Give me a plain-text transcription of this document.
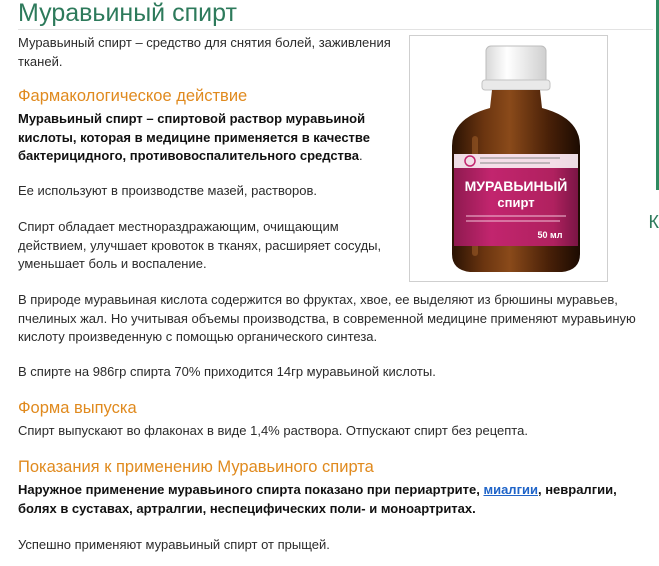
Муравьиный спирт

Муравьиный спирт – средство для снятия болей, заживления тканей.

Фармакологическое действие

Муравьиный спирт – спиртовой раствор муравьиной кислоты, которая в медицине применяется в качестве бактерицидного, противовоспалительного средства.

Ее используют в производстве мазей, растворов.

Спирт обладает местнораздражающим, очищающим действием, улучшает кровоток в тканях, расширяет сосуды, уменьшает боль и воспаление.

В природе муравьиная кислота содержится во фруктах, хвое, ее выделяют из брюшины муравьев, пчелиных жал. Но учитывая объемы производства, в современной медицине применяют муравьиную кислоту произведенную с помощью органического синтеза.

В спирте на 986гр спирта 70% приходится 14гр муравьиной кислоты.

Форма выпуска

Спирт выпускают во флаконах в виде 1,4% раствора. Отпускают спирт без рецепта.

Показания к применению Муравьиного спирта

Наружное применение муравьиного спирта показано при периартрите, миалгии, невралгии, болях в суставах, артралгии, неспецифических поли- и моноартритах.

Успешно применяют муравьиный спирт от прыщей.

МУРАВЬИНЫЙ
спирт
50 мл
К
